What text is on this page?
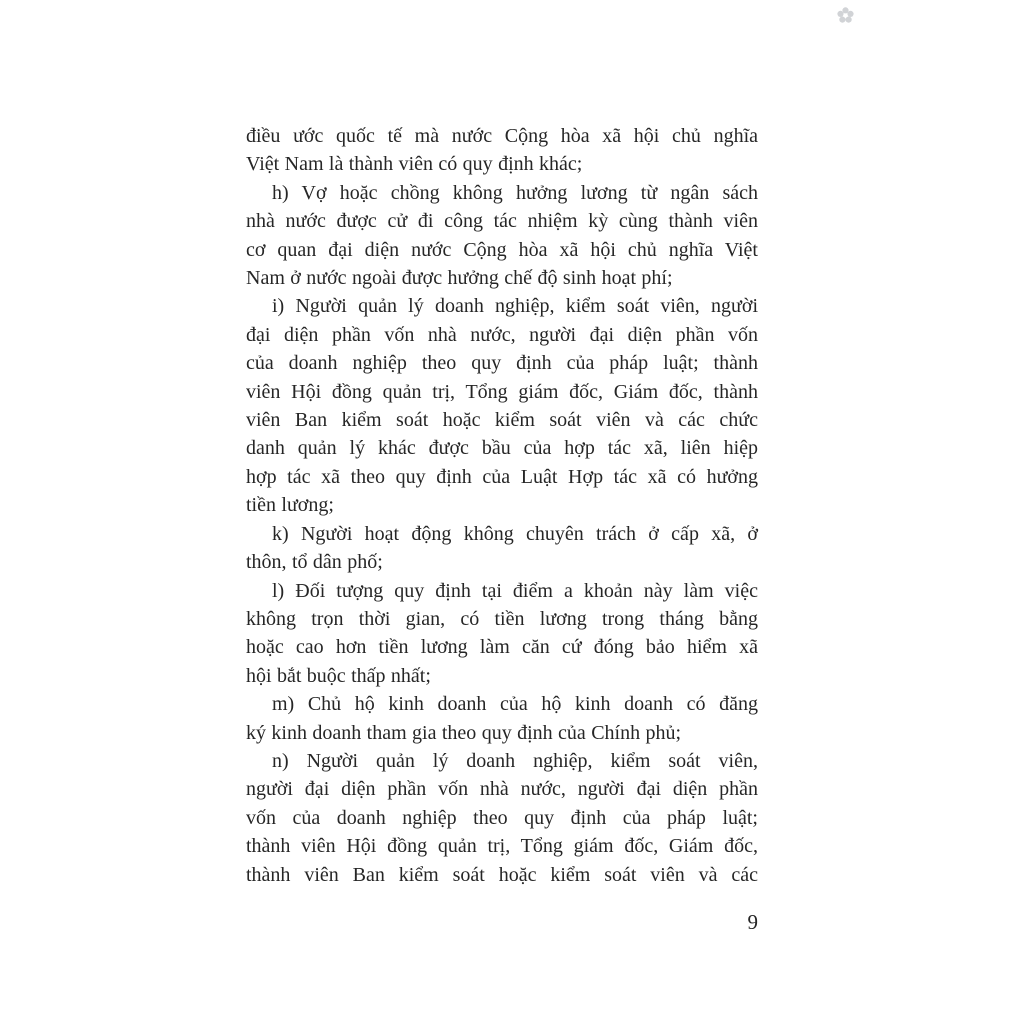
điều ước quốc tế mà nước Cộng hòa xã hội chủ nghĩa
Việt Nam là thành viên có quy định khác;
h) Vợ hoặc chồng không hưởng lương từ ngân sách
nhà nước được cử đi công tác nhiệm kỳ cùng thành viên
cơ quan đại diện nước Cộng hòa xã hội chủ nghĩa Việt
Nam ở nước ngoài được hưởng chế độ sinh hoạt phí;
i) Người quản lý doanh nghiệp, kiểm soát viên, người
đại diện phần vốn nhà nước, người đại diện phần vốn
của doanh nghiệp theo quy định của pháp luật; thành
viên Hội đồng quản trị, Tổng giám đốc, Giám đốc, thành
viên Ban kiểm soát hoặc kiểm soát viên và các chức
danh quản lý khác được bầu của hợp tác xã, liên hiệp
hợp tác xã theo quy định của Luật Hợp tác xã có hưởng
tiền lương;
k) Người hoạt động không chuyên trách ở cấp xã, ở
thôn, tổ dân phố;
l) Đối tượng quy định tại điểm a khoản này làm việc
không trọn thời gian, có tiền lương trong tháng bằng
hoặc cao hơn tiền lương làm căn cứ đóng bảo hiểm xã
hội bắt buộc thấp nhất;
m) Chủ hộ kinh doanh của hộ kinh doanh có đăng
ký kinh doanh tham gia theo quy định của Chính phủ;
n) Người quản lý doanh nghiệp, kiểm soát viên,
người đại diện phần vốn nhà nước, người đại diện phần
vốn của doanh nghiệp theo quy định của pháp luật;
thành viên Hội đồng quản trị, Tổng giám đốc, Giám đốc,
thành viên Ban kiểm soát hoặc kiểm soát viên và các
9
